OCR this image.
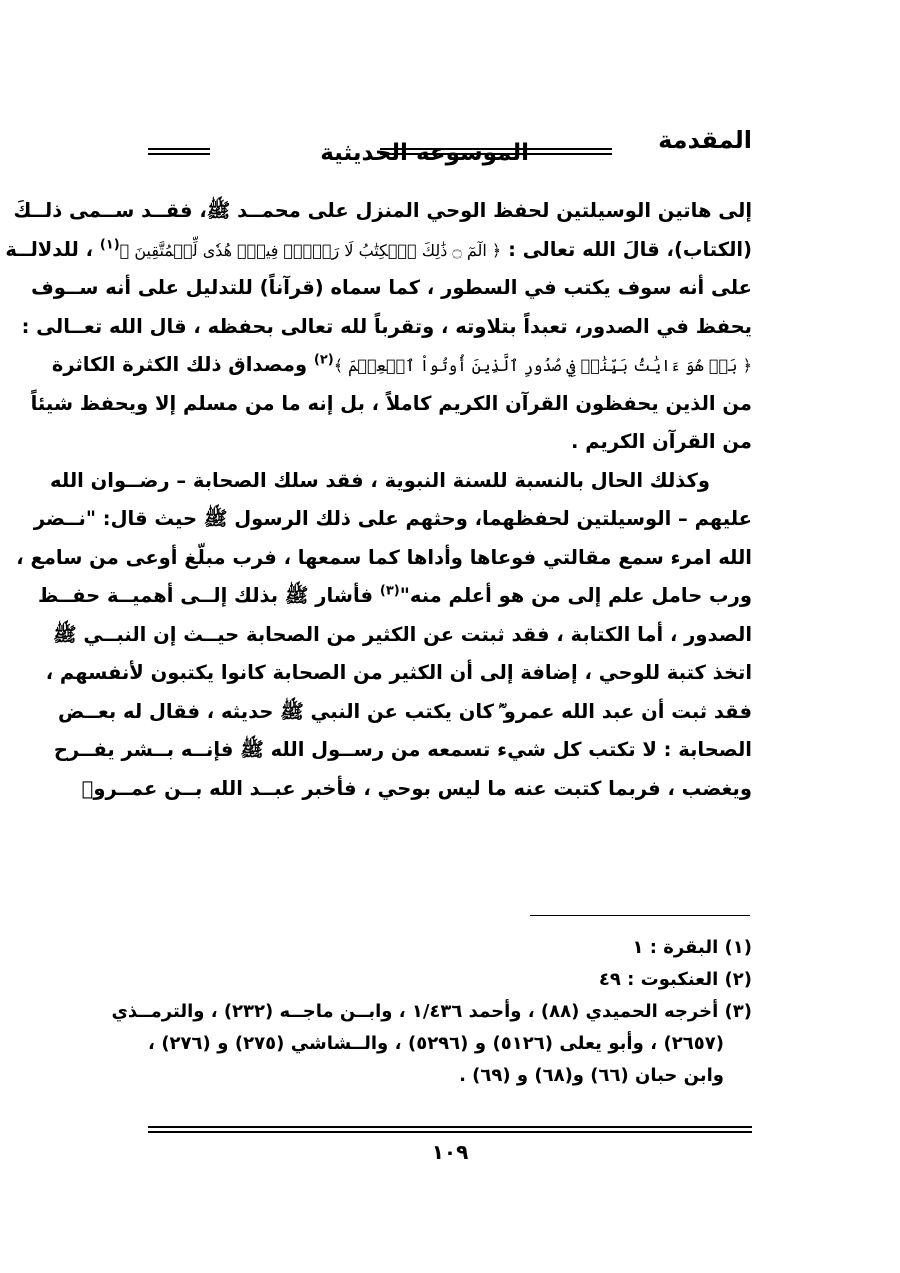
المقدمة
الموسوعة الحديثية
إلى هاتين الوسيلتين لحفظ الوحي المنزل على محمــد ﷺ، فقــد ســمى ذلــكَ
(الكتاب)، قالَ الله تعالى : ﴿ الٓمٓ ۝ ذَٰلِكَ ٱلۡكِتَٰبُ لَا رَيۡبَۛ فِيهِۛ هُدٗى لِّلۡمُتَّقِينَ ﴾$^{(١)}$ ، للدلالــة
على أنه سوف يكتب في السطور ، كما سماه (قرآناً) للتدليل على أنه ســوف
يحفظ في الصدور، تعبداً بتلاوته ، وتقرباً لله تعالى بحفظه ، قال الله تعــالى :
﴿ بَلۡ هُوَ ءَايَٰتُۢ بَيِّنَٰتٞ فِي صُدُورِ ٱلَّذِينَ أُوتُواْ ٱلۡعِلۡمَ ﴾$^{(٢)}$ ومصداق ذلك الكثرة الكاثرة
من الذين يحفظون القرآن الكريم كاملاً ، بل إنه ما من مسلم إلا ويحفظ شيئاً
من القرآن الكريم .
وكذلك الحال بالنسبة للسنة النبوية ، فقد سلك الصحابة – رضــوان الله
عليهم – الوسيلتين لحفظهما، وحثهم على ذلك الرسول ﷺ حيث قال: "نــضر
الله امرء سمع مقالتي فوعاها وأداها كما سمعها ، فرب مبلّغ أوعى من سامع ،
ورب حامل علم إلى من هو أعلم منه"$^{(٣)}$ فأشار ﷺ بذلك إلــى أهميــة حفــظ
الصدور ، أما الكتابة ، فقد ثبتت عن الكثير من الصحابة حيــث إن النبــي ﷺ
اتخذ كتبة للوحي ، إضافة إلى أن الكثير من الصحابة كانوا يكتبون لأنفسهم ،
فقد ثبت أن عبد الله عمرو ؓ كان يكتب عن النبي ﷺ حديثه ، فقال له بعــض
الصحابة : لا تكتب كل شيء تسمعه من رســول الله ﷺ فإنــه بــشر يفــرح
ويغضب ، فربما كتبت عنه ما ليس بوحي ، فأخبر عبــد الله بــن عمــروؓ
(١) البقرة : ١
(٢) العنكبوت : ٤٩
(٣) أخرجه الحميدي (٨٨) ، وأحمد ١/٤٣٦ ، وابــن ماجــه (٢٣٢) ، والترمــذي
(٢٦٥٧) ، وأبو يعلى (٥١٢٦) و (٥٢٩٦) ، والــشاشي (٢٧٥) و (٢٧٦) ،
وابن حبان (٦٦) و(٦٨) و (٦٩) .
١٠٩
